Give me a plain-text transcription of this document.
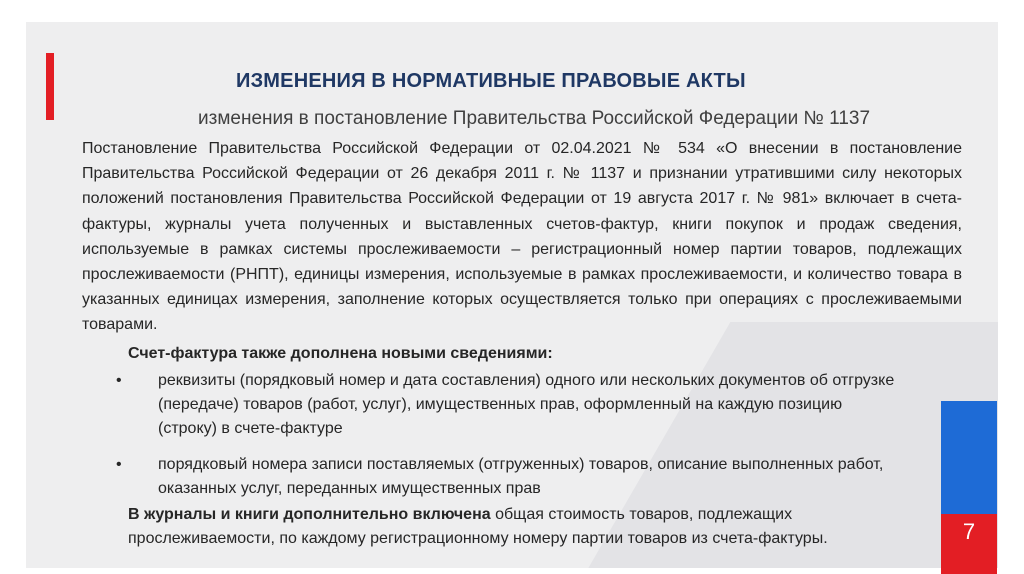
ИЗМЕНЕНИЯ В НОРМАТИВНЫЕ ПРАВОВЫЕ АКТЫ
изменения в постановление Правительства Российской Федерации № 1137
Постановление Правительства Российской Федерации от 02.04.2021 № 534 «О внесении в постановление Правительства Российской Федерации от 26 декабря 2011 г. № 1137 и признании утратившими силу некоторых положений постановления Правительства Российской Федерации от 19 августа 2017 г. № 981» включает в счета-фактуры, журналы учета полученных и выставленных счетов-фактур, книги покупок и продаж сведения, используемые в рамках системы прослеживаемости – регистрационный номер партии товаров, подлежащих прослеживаемости (РНПТ), единицы измерения, используемые в рамках прослеживаемости, и количество товара в указанных единицах измерения, заполнение которых осуществляется только при операциях с прослеживаемыми товарами.
Счет-фактура также дополнена новыми сведениями:
• реквизиты (порядковый номер и дата составления) одного или нескольких документов об отгрузке (передаче) товаров (работ, услуг), имущественных прав, оформленный на каждую позицию (строку) в счете-фактуре
• порядковый номера записи поставляемых (отгруженных) товаров, описание выполненных работ, оказанных услуг, переданных имущественных прав
В журналы и книги дополнительно включена общая стоимость товаров, подлежащих прослеживаемости, по каждому регистрационному номеру партии товаров из счета-фактуры.	7
